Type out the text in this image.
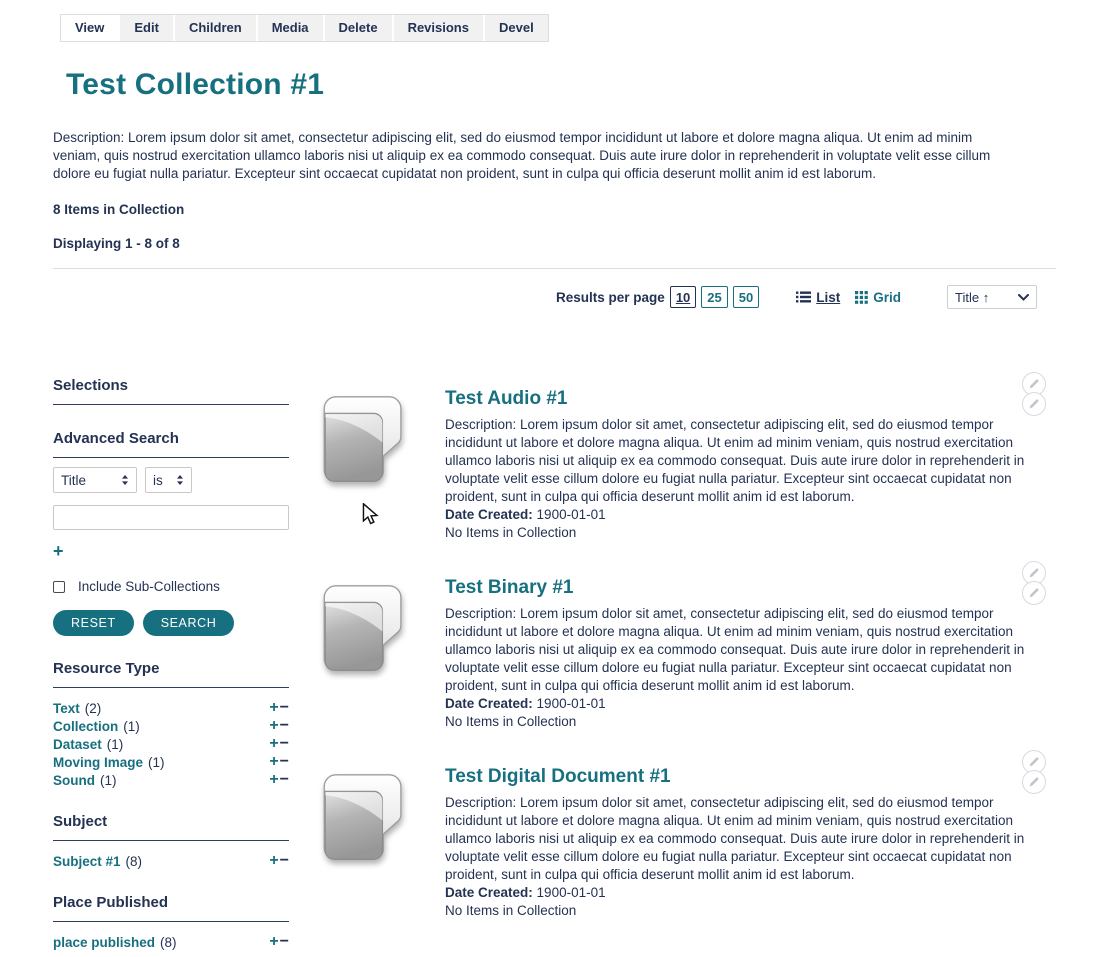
View	Edit	Children	Media	Delete	Revisions	Devel
Test Collection #1

Description: Lorem ipsum dolor sit amet, consectetur adipiscing elit, sed do eiusmod tempor incididunt ut labore et dolore magna aliqua. Ut enim ad minim veniam, quis nostrud exercitation ullamco laboris nisi ut aliquip ex ea commodo consequat. Duis aute irure dolor in reprehenderit in voluptate velit esse cillum dolore eu fugiat nulla pariatur. Excepteur sint occaecat cupidatat non proident, sunt in culpa qui officia deserunt mollit anim id est laborum.

8 Items in Collection

Displaying 1 - 8 of 8

Results per page 10	25	50	List Grid	Title ↑
Selections
Advanced Search
Title	is
+
Include Sub-Collections
RESET	SEARCH
Resource Type
Text (2)	+−
Collection (1)	+−
Dataset (1)	+−
Moving Image (1)	+−
Sound (1)	+−
Subject
Subject #1 (8)	+−
Place Published
place published (8)	+−
Test Audio #1

Description: Lorem ipsum dolor sit amet, consectetur adipiscing elit, sed do eiusmod tempor incididunt ut labore et dolore magna aliqua. Ut enim ad minim veniam, quis nostrud exercitation ullamco laboris nisi ut aliquip ex ea commodo consequat. Duis aute irure dolor in reprehenderit in voluptate velit esse cillum dolore eu fugiat nulla pariatur. Excepteur sint occaecat cupidatat non proident, sunt in culpa qui officia deserunt mollit anim id est laborum.

Date Created: 1900-01-01

No Items in Collection

Test Binary #1

Description: Lorem ipsum dolor sit amet, consectetur adipiscing elit, sed do eiusmod tempor incididunt ut labore et dolore magna aliqua. Ut enim ad minim veniam, quis nostrud exercitation ullamco laboris nisi ut aliquip ex ea commodo consequat. Duis aute irure dolor in reprehenderit in voluptate velit esse cillum dolore eu fugiat nulla pariatur. Excepteur sint occaecat cupidatat non proident, sunt in culpa qui officia deserunt mollit anim id est laborum.

Date Created: 1900-01-01

No Items in Collection

Test Digital Document #1

Description: Lorem ipsum dolor sit amet, consectetur adipiscing elit, sed do eiusmod tempor incididunt ut labore et dolore magna aliqua. Ut enim ad minim veniam, quis nostrud exercitation ullamco laboris nisi ut aliquip ex ea commodo consequat. Duis aute irure dolor in reprehenderit in voluptate velit esse cillum dolore eu fugiat nulla pariatur. Excepteur sint occaecat cupidatat non proident, sunt in culpa qui officia deserunt mollit anim id est laborum.

Date Created: 1900-01-01

No Items in Collection
